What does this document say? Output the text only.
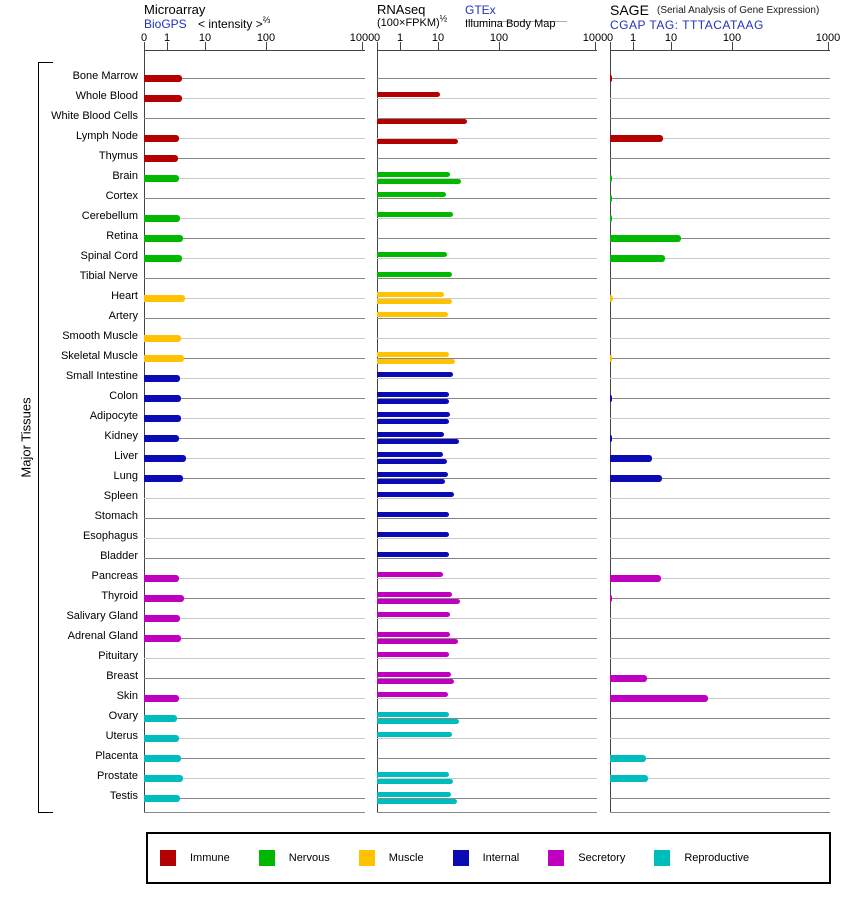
Major Tissues
Microarray
BioGPS < intensity >$^{\frac{2}{3}}$
RNAseq
(100×FPKM)$^{\frac{1}{2}}$
GTEx
Illumina Body Map
SAGE (Serial Analysis of Gene Expression)
CGAP TAG: TTTACATAAG
0	1	10	100	1000 0	1	10	100	1000 0	1	10	100	1000
Bone Marrow
Whole Blood
White Blood Cells
Lymph Node
Thymus
Brain
Cortex
Cerebellum
Retina
Spinal Cord
Tibial Nerve
Heart
Artery
Smooth Muscle
Skeletal Muscle
Small Intestine
Colon
Adipocyte
Kidney
Liver
Lung
Spleen
Stomach
Esophagus
Bladder
Pancreas
Thyroid
Salivary Gland
Adrenal Gland
Pituitary
Breast
Skin
Ovary
Uterus
Placenta
Prostate
Testis
Immune	Nervous	Muscle	Internal	Secretory	Reproductive
